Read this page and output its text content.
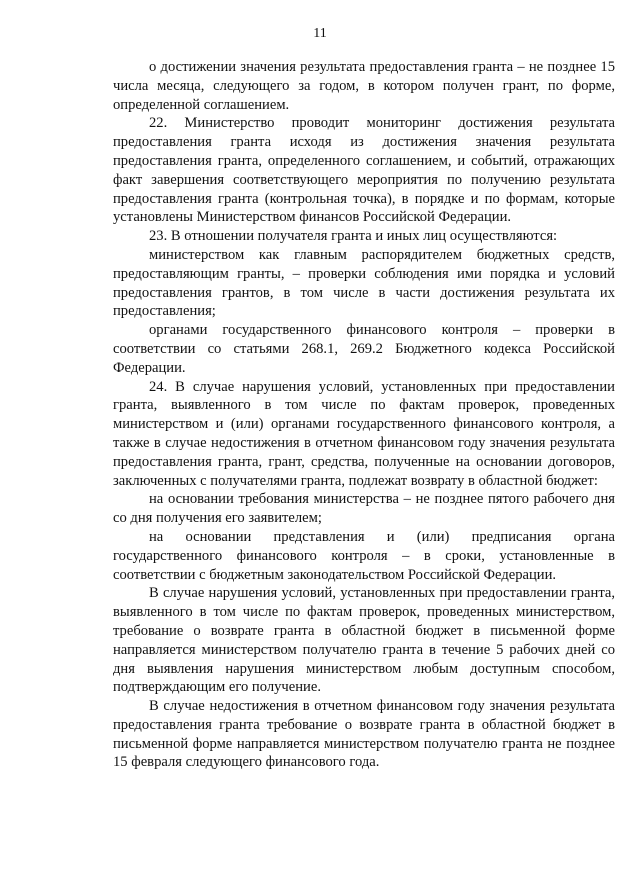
11

о достижении значения результата предоставления гранта – не позднее 15 числа месяца, следующего за годом, в котором получен грант, по форме, определенной соглашением.

22. Министерство проводит мониторинг достижения результата предоставления гранта исходя из достижения значения результата предоставления гранта, определенного соглашением, и событий, отражающих факт завершения соответствующего мероприятия по получению результата предоставления гранта (контрольная точка), в порядке и по формам, которые установлены Министерством финансов Российской Федерации.

23. В отношении получателя гранта и иных лиц осуществляются:

министерством как главным распорядителем бюджетных средств, предоставляющим гранты, – проверки соблюдения ими порядка и условий предоставления грантов, в том числе в части достижения результата их предоставления;

органами государственного финансового контроля – проверки в соответствии со статьями 268.1, 269.2 Бюджетного кодекса Российской Федерации.

24. В случае нарушения условий, установленных при предоставлении гранта, выявленного в том числе по фактам проверок, проведенных министерством и (или) органами государственного финансового контроля, а также в случае недостижения в отчетном финансовом году значения результата предоставления гранта, грант, средства, полученные на основании договоров, заключенных с получателями гранта, подлежат возврату в областной бюджет:

на основании требования министерства – не позднее пятого рабочего дня со дня получения его заявителем;

на основании представления и (или) предписания органа государственного финансового контроля – в сроки, установленные в соответствии с бюджетным законодательством Российской Федерации.

В случае нарушения условий, установленных при предоставлении гранта, выявленного в том числе по фактам проверок, проведенных министерством, требование о возврате гранта в областной бюджет в письменной форме направляется министерством получателю гранта в течение 5 рабочих дней со дня выявления нарушения министерством любым доступным способом, подтверждающим его получение.

В случае недостижения в отчетном финансовом году значения результата предоставления гранта требование о возврате гранта в областной бюджет в письменной форме направляется министерством получателю гранта не позднее 15 февраля следующего финансового года.
